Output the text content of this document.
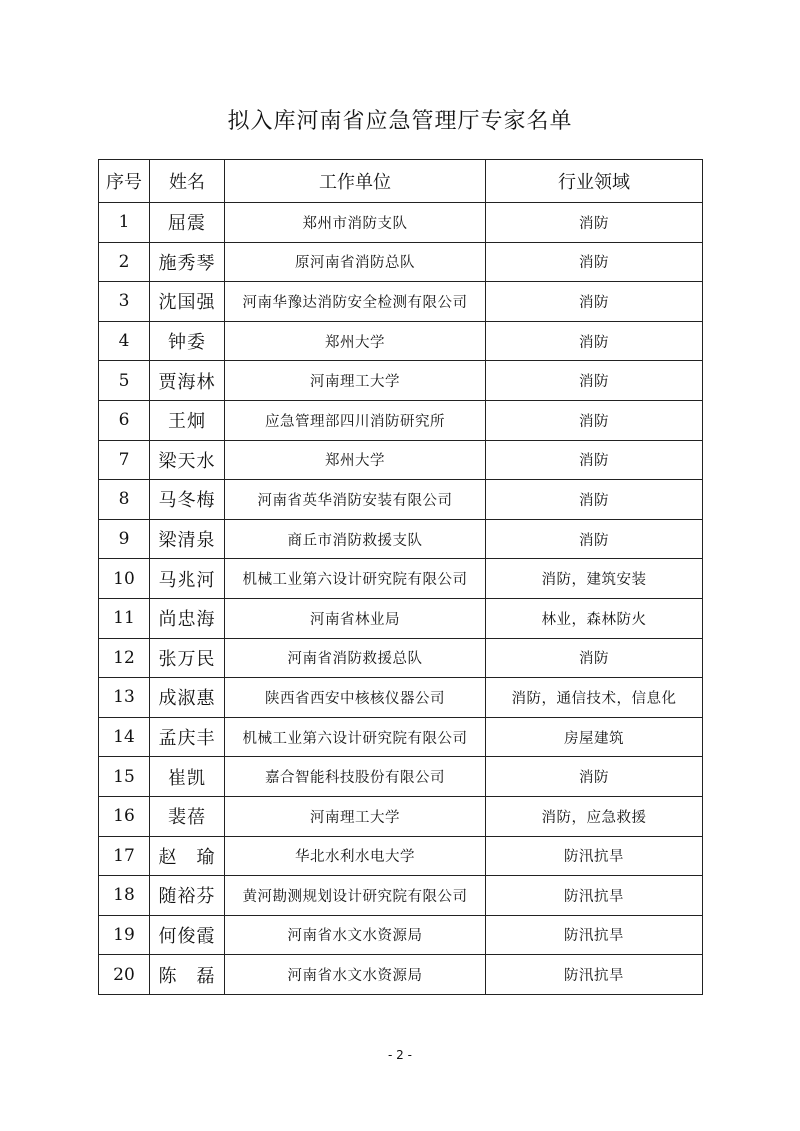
拟入库河南省应急管理厅专家名单
序号	姓名	工作单位	行业领域
1	屈震	郑州市消防支队	消防
2	施秀琴	原河南省消防总队	消防
3	沈国强	河南华豫达消防安全检测有限公司	消防
4	钟委	郑州大学	消防
5	贾海林	河南理工大学	消防
6	王炯	应急管理部四川消防研究所	消防
7	梁天水	郑州大学	消防
8	马冬梅	河南省英华消防安装有限公司	消防
9	梁清泉	商丘市消防救援支队	消防
10	马兆河	机械工业第六设计研究院有限公司	消防，建筑安装
11	尚忠海	河南省林业局	林业，森林防火
12	张万民	河南省消防救援总队	消防
13	成淑惠	陕西省西安中核核仪器公司	消防，通信技术，信息化
14	孟庆丰	机械工业第六设计研究院有限公司	房屋建筑
15	崔凯	嘉合智能科技股份有限公司	消防
16	裴蓓	河南理工大学	消防，应急救援
17	赵　瑜	华北水利水电大学	防汛抗旱
18	随裕芬	黄河勘测规划设计研究院有限公司	防汛抗旱
19	何俊霞	河南省水文水资源局	防汛抗旱
20	陈　磊	河南省水文水资源局	防汛抗旱
- 2 -
